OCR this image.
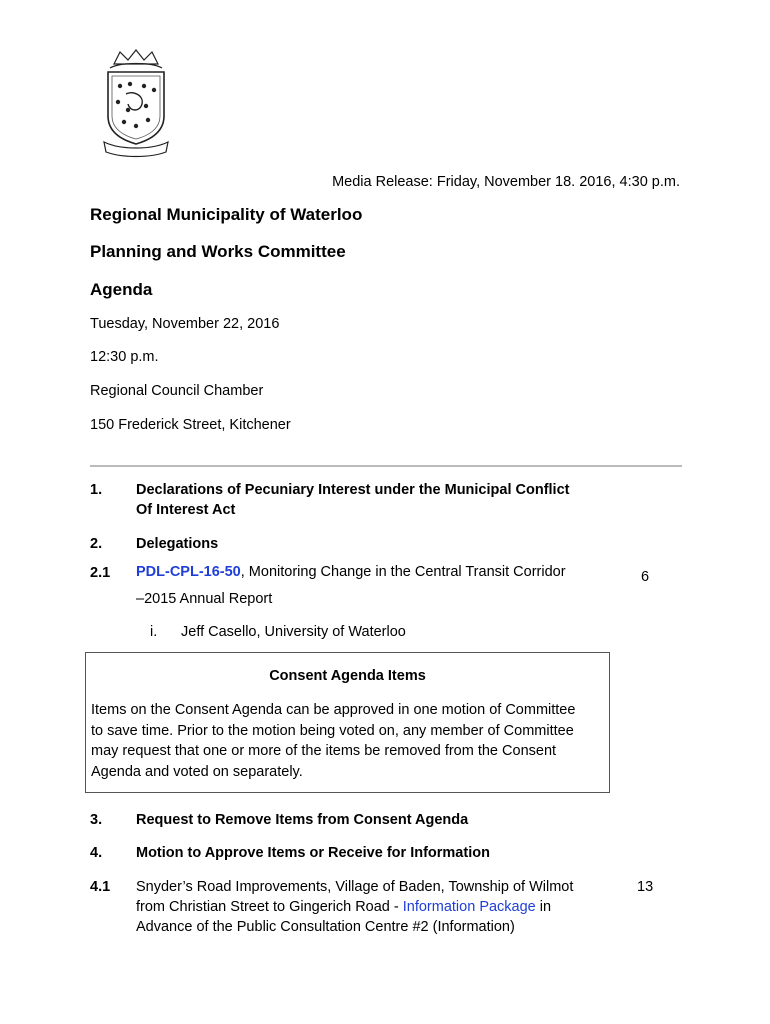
Media Release: Friday, November 18. 2016, 4:30 p.m.
Regional Municipality of Waterloo
Planning and Works Committee
Agenda
Tuesday, November 22, 2016
12:30 p.m.
Regional Council Chamber
150 Frederick Street, Kitchener
1. Declarations of Pecuniary Interest under the Municipal Conflict
Of Interest Act
2. Delegations
2.1 PDL-CPL-16-50, Monitoring Change in the Central Transit Corridor
–2015 Annual Report
6
i. Jeff Casello, University of Waterloo
Consent Agenda Items
Items on the Consent Agenda can be approved in one motion of Committee
to save time. Prior to the motion being voted on, any member of Committee
may request that one or more of the items be removed from the Consent
Agenda and voted on separately.
3. Request to Remove Items from Consent Agenda
4. Motion to Approve Items or Receive for Information
4.1 Snyder’s Road Improvements, Village of Baden, Township of Wilmot
from Christian Street to Gingerich Road - Information Package in
Advance of the Public Consultation Centre #2 (Information)
13
